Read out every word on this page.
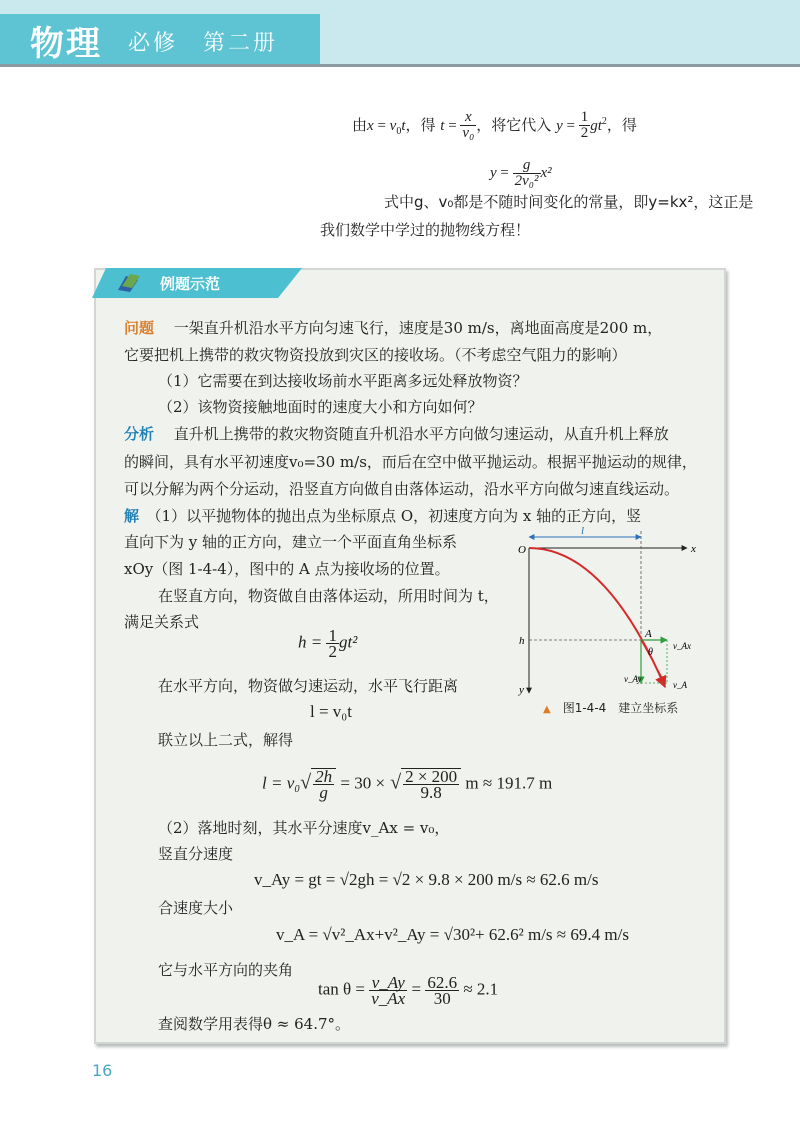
物理 必修　第二册
由$x = v_0t$，得 $t = \frac{x}{\text{v₀}}$ ，将它代入 $y = \frac{1}{2} gt^2$，得
$y = \frac{g}{\text{2v₀²}} x^2$
式中g、v₀都是不随时间变化的常量，即y=kx²，这正是
我们数学中学过的抛物线方程！
例题示范
问题　 一架直升机沿水平方向匀速飞行，速度是30 m/s，离地面高度是200 m，
它要把机上携带的救灾物资投放到灾区的接收场。（不考虑空气阻力的影响）
（1）它需要在到达接收场前水平距离多远处释放物资？
（2）该物资接触地面时的速度大小和方向如何？
分析　 直升机上携带的救灾物资随直升机沿水平方向做匀速运动，从直升机上释放
的瞬间，具有水平初速度v₀=30 m/s，而后在空中做平抛运动。根据平抛运动的规律，
可以分解为两个分运动，沿竖直方向做自由落体运动，沿水平方向做匀速直线运动。
解　 （1）以平抛物体的抛出点为坐标原点 O，初速度方向为 x 轴的正方向，竖
直向下为 y 轴的正方向，建立一个平面直角坐标系
xOy（图 1-4-4），图中的 A 点为接收场的位置。
在竖直方向，物资做自由落体运动，所用时间为 t，
满足关系式
$h = \frac{1}{2} gt^2$
在水平方向，物资做匀速运动，水平飞行距离
l = v₀t
联立以上二式，解得
$l = v_0√ \frac{2h}{g} = 30$ × √ $\frac{2 \times 200}{9.8}$ m ≈ 191.7 m
（2）落地时刻，其水平分速度v_Ax = v₀，
竖直分速度
v_Ay = gt = √2gh = √2 × 9.8 × 200 m/s ≈ 62.6 m/s
合速度大小
v_A = √v²_Ax+v²_Ay = √30²+ 62.6² m/s ≈ 69.4 m/s
它与水平方向的夹角
$\tan \theta = \frac{v\_Ay}{v\_Ax} = \frac{62.6}{30} \approx 2.1$
查阅数学用表得θ ≈ 64.7°。
O
l
x
h
y
A
θ
v_Ax
v_Ay
v_A
▲　 图1-4-4　建立坐标系
16
